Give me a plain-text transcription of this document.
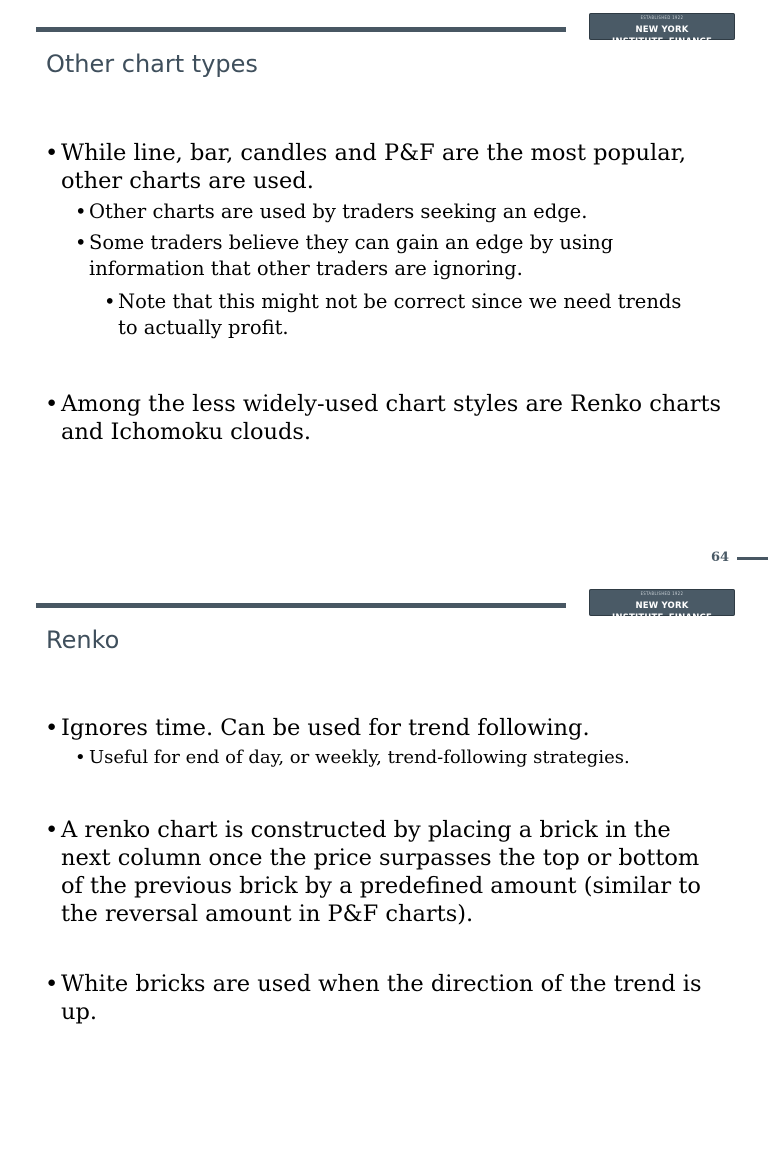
ESTABLISHED 1922
NEW YORK INSTITUTEofFINANCE
Other chart types
• While line, bar, candles and P&F are the most popular, other charts are used.
• Other charts are used by traders seeking an edge.
• Some traders believe they can gain an edge by using information that other traders are ignoring.
• Note that this might not be correct since we need trends to actually profit.
• Among the less widely-used chart styles are Renko charts and Ichomoku clouds.
64
ESTABLISHED 1922
NEW YORK INSTITUTEofFINANCE
Renko
• Ignores time. Can be used for trend following.
• Useful for end of day, or weekly, trend-following strategies.
• A renko chart is constructed by placing a brick in the next column once the price surpasses the top or bottom of the previous brick by a predefined amount (similar to the reversal amount in P&F charts).
• White bricks are used when the direction of the trend is up.
